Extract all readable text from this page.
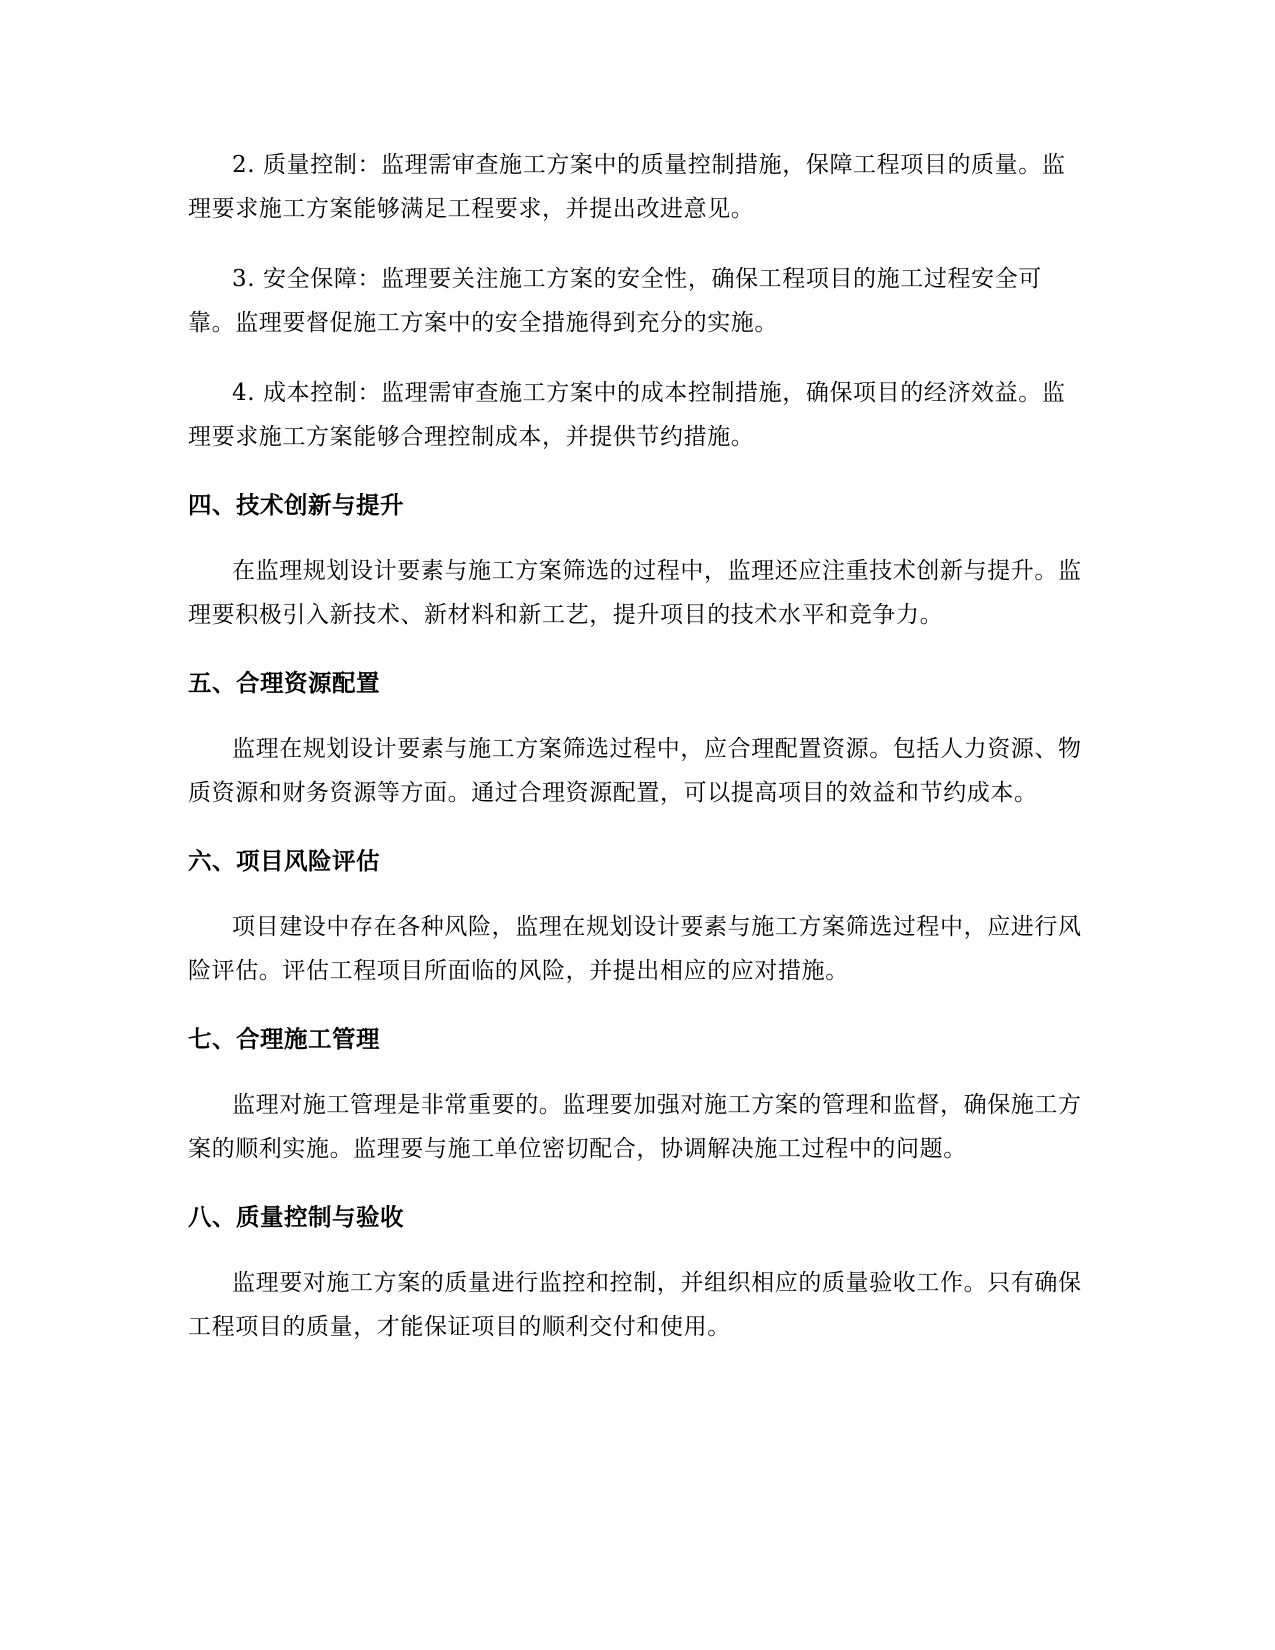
2. 质量控制：监理需审查施工方案中的质量控制措施，保障工程项目的质量。监理要求施工方案能够满足工程要求，并提出改进意见。

3. 安全保障：监理要关注施工方案的安全性，确保工程项目的施工过程安全可靠。监理要督促施工方案中的安全措施得到充分的实施。

4. 成本控制：监理需审查施工方案中的成本控制措施，确保项目的经济效益。监理要求施工方案能够合理控制成本，并提供节约措施。

四、技术创新与提升

在监理规划设计要素与施工方案筛选的过程中，监理还应注重技术创新与提升。监理要积极引入新技术、新材料和新工艺，提升项目的技术水平和竞争力。

五、合理资源配置

监理在规划设计要素与施工方案筛选过程中，应合理配置资源。包括人力资源、物质资源和财务资源等方面。通过合理资源配置，可以提高项目的效益和节约成本。

六、项目风险评估

项目建设中存在各种风险，监理在规划设计要素与施工方案筛选过程中，应进行风险评估。评估工程项目所面临的风险，并提出相应的应对措施。

七、合理施工管理

监理对施工管理是非常重要的。监理要加强对施工方案的管理和监督，确保施工方案的顺利实施。监理要与施工单位密切配合，协调解决施工过程中的问题。

八、质量控制与验收

监理要对施工方案的质量进行监控和控制，并组织相应的质量验收工作。只有确保工程项目的质量，才能保证项目的顺利交付和使用。
